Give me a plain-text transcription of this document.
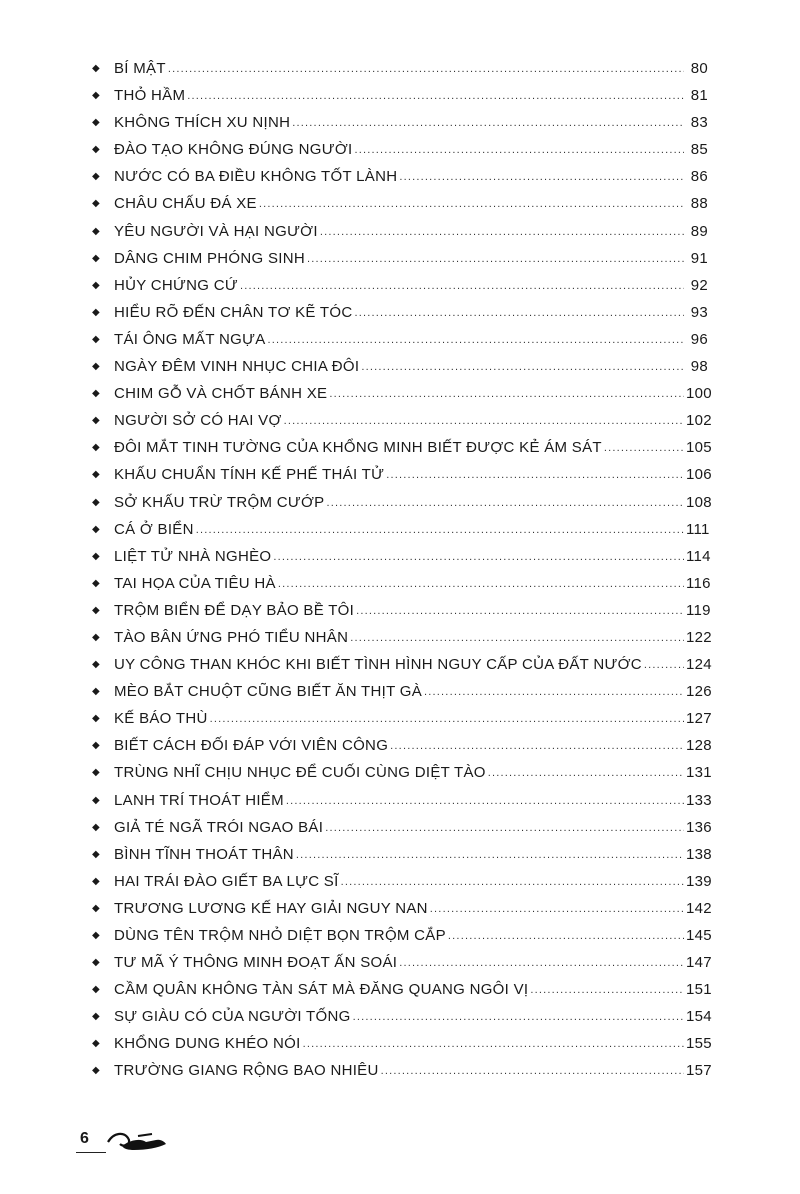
◆ BÍ MẬT .....	80
◆ THỎ HẦM .....	81
◆ KHÔNG THÍCH XU NỊNH .....	83
◆ ĐÀO TẠO KHÔNG ĐÚNG NGƯỜI .....	85
◆ NƯỚC CÓ BA ĐIỀU KHÔNG TỐT LÀNH .....	86
◆ CHÂU CHẤU ĐÁ XE .....	88
◆ YÊU NGƯỜI VÀ HẠI NGƯỜI .....	89
◆ DÂNG CHIM PHÓNG SINH .....	91
◆ HỦY CHỨNG CỨ .....	92
◆ HIỂU RÕ ĐẾN CHÂN TƠ KẼ TÓC .....	93
◆ TÁI ÔNG MẤT NGỰA .....	96
◆ NGÀY ĐÊM VINH NHỤC CHIA ĐÔI .....	98
◆ CHIM GỖ VÀ CHỐT BÁNH XE .....	100
◆ NGƯỜI SỞ CÓ HAI VỢ .....	102
◆ ĐÔI MẮT TINH TƯỜNG CỦA KHỔNG MINH BIẾT ĐƯỢC KẺ ÁM SÁT .....	105
◆ KHẤU CHUẨN TÍNH KẾ PHẾ THÁI TỬ .....	106
◆ SỞ KHẤU TRỪ TRỘM CƯỚP .....	108
◆ CÁ Ở BIỂN .....	111
◆ LIỆT TỬ NHÀ NGHÈO .....	114
◆ TAI HỌA CỦA TIÊU HÀ .....	116
◆ TRỘM BIỂN ĐỂ DẠY BẢO BỀ TÔI .....	119
◆ TÀO BÂN ỨNG PHÓ TIỂU NHÂN .....	122
◆ UY CÔNG THAN KHÓC KHI BIẾT TÌNH HÌNH NGUY CẤP CỦA ĐẤT NƯỚC .....	124
◆ MÈO BẮT CHUỘT CŨNG BIẾT ĂN THỊT GÀ .....	126
◆ KẾ BÁO THÙ .....	127
◆ BIẾT CÁCH ĐỐI ĐÁP VỚI VIÊN CÔNG .....	128
◆ TRÙNG NHĨ CHỊU NHỤC ĐỂ CUỐI CÙNG DIỆT TÀO .....	131
◆ LANH TRÍ THOÁT HIỂM .....	133
◆ GIẢ TÉ NGÃ TRÓI NGAO BÁI .....	136
◆ BÌNH TĨNH THOÁT THÂN .....	138
◆ HAI TRÁI ĐÀO GIẾT BA LỰC SĨ .....	139
◆ TRƯƠNG LƯƠNG KẾ HAY GIẢI NGUY NAN .....	142
◆ DÙNG TÊN TRỘM NHỎ DIỆT BỌN TRỘM CẮP .....	145
◆ TƯ MÃ Ý THÔNG MINH ĐOẠT ẤN SOÁI .....	147
◆ CẦM QUÂN KHÔNG TÀN SÁT MÀ ĐĂNG QUANG NGÔI VỊ .....	151
◆ SỰ GIÀU CÓ CỦA NGƯỜI TỐNG .....	154
◆ KHỔNG DUNG KHÉO NÓI .....	155
◆ TRƯỜNG GIANG RỘNG BAO NHIÊU .....	157
6
